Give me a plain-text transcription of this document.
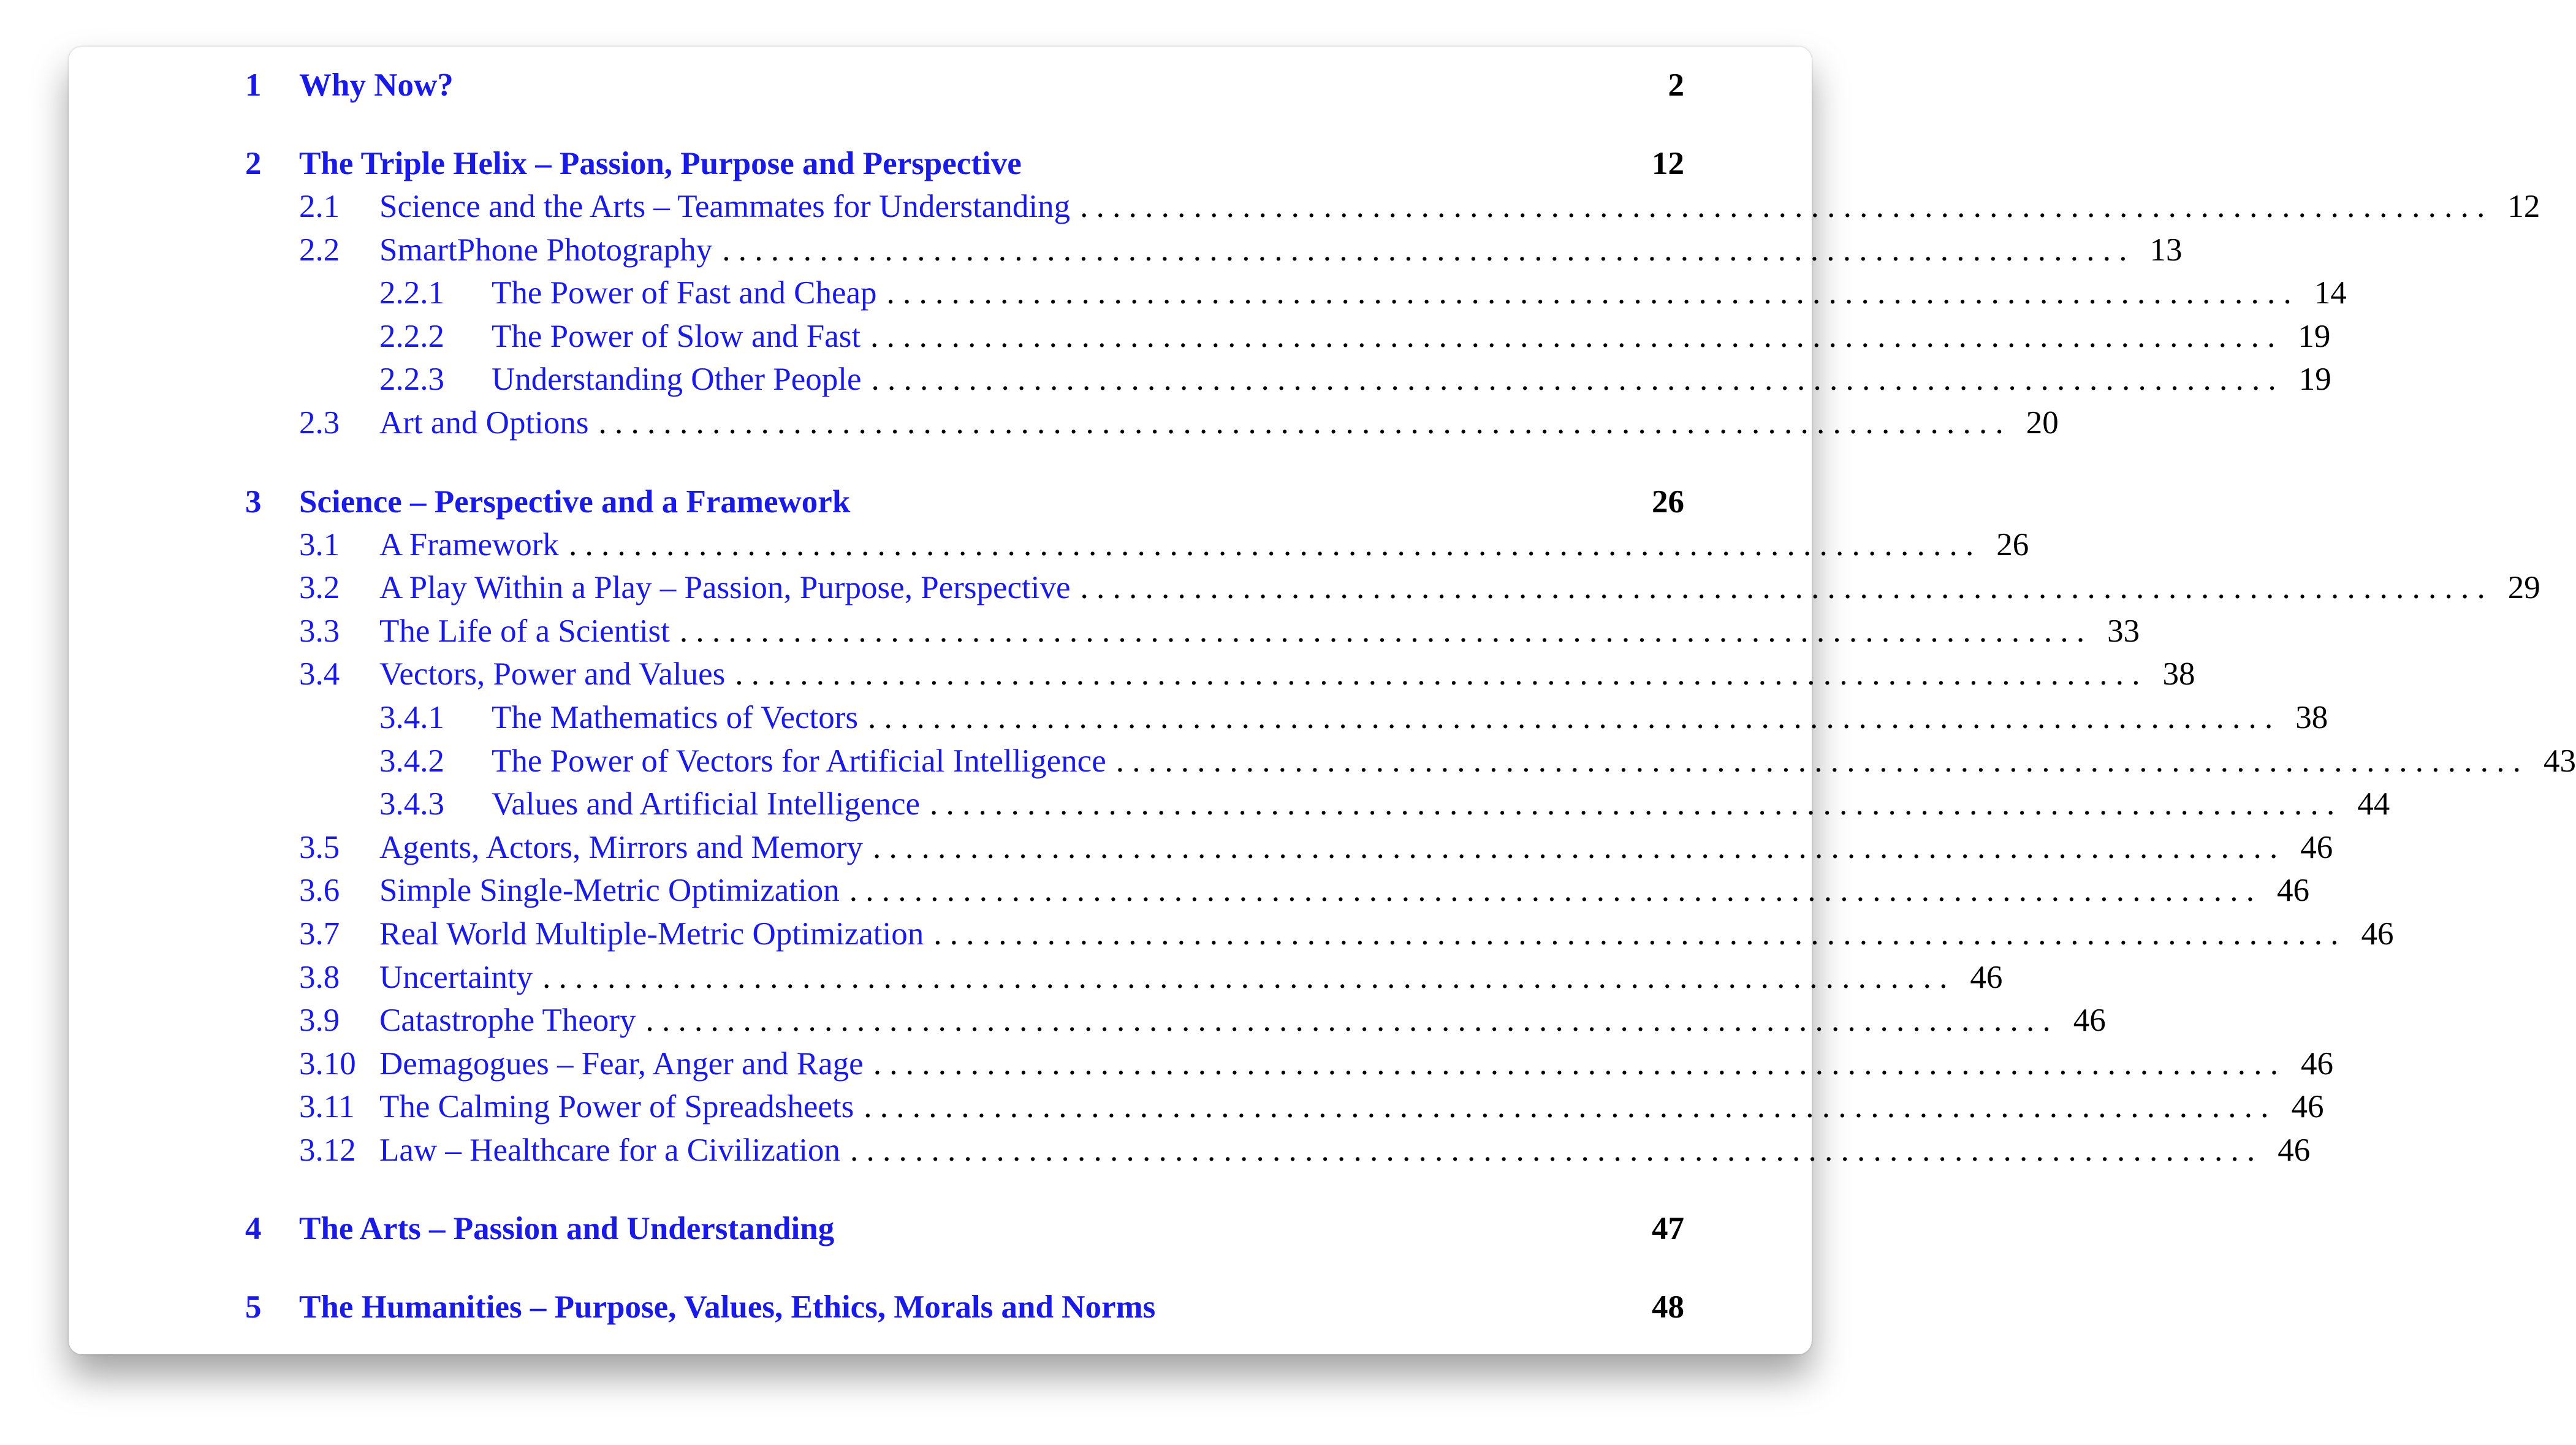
1	Why Now?	2
2	The Triple Helix – Passion, Purpose and Perspective	12
2.1	Science and the Arts – Teammates for Understanding . . . . . . . . . . . . . . . . . . . . . . . . . . . . . . . . . . . . . . . . . . . . . . . . . . . . . . . . . . . . . . . . . . . . . . . . . . . . . . . . . . . . . . . 12
2.2	SmartPhone Photography . . . . . . . . . . . . . . . . . . . . . . . . . . . . . . . . . . . . . . . . . . . . . . . . . . . . . . . . . . . . . . . . . . . . . . . . . . . . . . . . . . . . . . . 13
2.2.1	The Power of Fast and Cheap . . . . . . . . . . . . . . . . . . . . . . . . . . . . . . . . . . . . . . . . . . . . . . . . . . . . . . . . . . . . . . . . . . . . . . . . . . . . . . . . . . . . . . . 14
2.2.2	The Power of Slow and Fast . . . . . . . . . . . . . . . . . . . . . . . . . . . . . . . . . . . . . . . . . . . . . . . . . . . . . . . . . . . . . . . . . . . . . . . . . . . . . . . . . . . . . . . 19
2.2.3	Understanding Other People . . . . . . . . . . . . . . . . . . . . . . . . . . . . . . . . . . . . . . . . . . . . . . . . . . . . . . . . . . . . . . . . . . . . . . . . . . . . . . . . . . . . . . . 19
2.3	Art and Options . . . . . . . . . . . . . . . . . . . . . . . . . . . . . . . . . . . . . . . . . . . . . . . . . . . . . . . . . . . . . . . . . . . . . . . . . . . . . . . . . . . . . . . 20
3	Science – Perspective and a Framework	26
3.1	A Framework . . . . . . . . . . . . . . . . . . . . . . . . . . . . . . . . . . . . . . . . . . . . . . . . . . . . . . . . . . . . . . . . . . . . . . . . . . . . . . . . . . . . . . . 26
3.2	A Play Within a Play – Passion, Purpose, Perspective . . . . . . . . . . . . . . . . . . . . . . . . . . . . . . . . . . . . . . . . . . . . . . . . . . . . . . . . . . . . . . . . . . . . . . . . . . . . . . . . . . . . . . . 29
3.3	The Life of a Scientist . . . . . . . . . . . . . . . . . . . . . . . . . . . . . . . . . . . . . . . . . . . . . . . . . . . . . . . . . . . . . . . . . . . . . . . . . . . . . . . . . . . . . . . 33
3.4	Vectors, Power and Values . . . . . . . . . . . . . . . . . . . . . . . . . . . . . . . . . . . . . . . . . . . . . . . . . . . . . . . . . . . . . . . . . . . . . . . . . . . . . . . . . . . . . . . 38
3.4.1	The Mathematics of Vectors . . . . . . . . . . . . . . . . . . . . . . . . . . . . . . . . . . . . . . . . . . . . . . . . . . . . . . . . . . . . . . . . . . . . . . . . . . . . . . . . . . . . . . . 38
3.4.2	The Power of Vectors for Artificial Intelligence . . . . . . . . . . . . . . . . . . . . . . . . . . . . . . . . . . . . . . . . . . . . . . . . . . . . . . . . . . . . . . . . . . . . . . . . . . . . . . . . . . . . . . . 43
3.4.3	Values and Artificial Intelligence . . . . . . . . . . . . . . . . . . . . . . . . . . . . . . . . . . . . . . . . . . . . . . . . . . . . . . . . . . . . . . . . . . . . . . . . . . . . . . . . . . . . . . . 44
3.5	Agents, Actors, Mirrors and Memory . . . . . . . . . . . . . . . . . . . . . . . . . . . . . . . . . . . . . . . . . . . . . . . . . . . . . . . . . . . . . . . . . . . . . . . . . . . . . . . . . . . . . . . 46
3.6	Simple Single-Metric Optimization . . . . . . . . . . . . . . . . . . . . . . . . . . . . . . . . . . . . . . . . . . . . . . . . . . . . . . . . . . . . . . . . . . . . . . . . . . . . . . . . . . . . . . . 46
3.7	Real World Multiple-Metric Optimization . . . . . . . . . . . . . . . . . . . . . . . . . . . . . . . . . . . . . . . . . . . . . . . . . . . . . . . . . . . . . . . . . . . . . . . . . . . . . . . . . . . . . . . 46
3.8	Uncertainty . . . . . . . . . . . . . . . . . . . . . . . . . . . . . . . . . . . . . . . . . . . . . . . . . . . . . . . . . . . . . . . . . . . . . . . . . . . . . . . . . . . . . . . 46
3.9	Catastrophe Theory . . . . . . . . . . . . . . . . . . . . . . . . . . . . . . . . . . . . . . . . . . . . . . . . . . . . . . . . . . . . . . . . . . . . . . . . . . . . . . . . . . . . . . . 46
3.10 Demagogues – Fear, Anger and Rage . . . . . . . . . . . . . . . . . . . . . . . . . . . . . . . . . . . . . . . . . . . . . . . . . . . . . . . . . . . . . . . . . . . . . . . . . . . . . . . . . . . . . . . 46
3.11 The Calming Power of Spreadsheets . . . . . . . . . . . . . . . . . . . . . . . . . . . . . . . . . . . . . . . . . . . . . . . . . . . . . . . . . . . . . . . . . . . . . . . . . . . . . . . . . . . . . . . 46
3.12 Law – Healthcare for a Civilization . . . . . . . . . . . . . . . . . . . . . . . . . . . . . . . . . . . . . . . . . . . . . . . . . . . . . . . . . . . . . . . . . . . . . . . . . . . . . . . . . . . . . . . 46
4	The Arts – Passion and Understanding	47
5	The Humanities – Purpose, Values, Ethics, Morals and Norms	48
